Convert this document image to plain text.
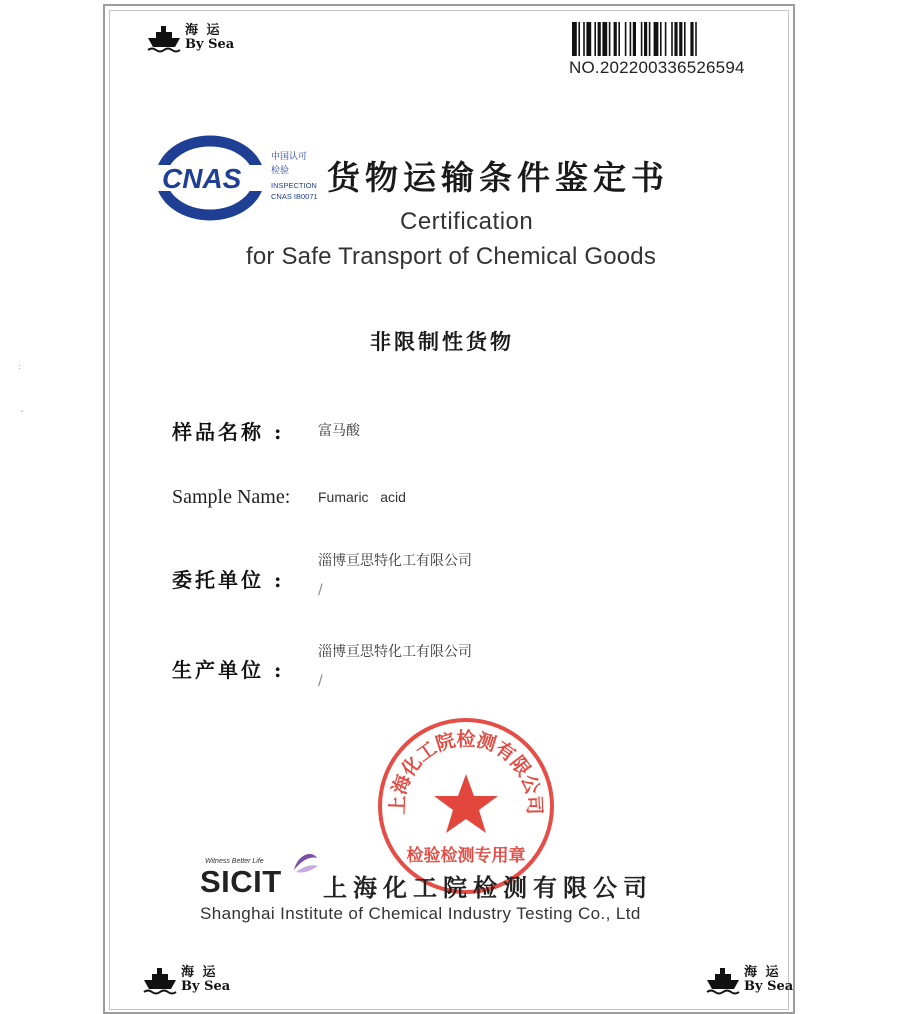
:
ˇ
海 运
By Sea
NO.202200336526594
CNAS
中国认可
检验
INSPECTION
CNAS IB0071 货物运输条件鉴定书
Certification
for Safe Transport of Chemical Goods
非限制性货物
样品名称 : 富马酸
Sample Name: Fumaric   acid
委托单位 :
淄博亘思特化工有限公司
/
生产单位 :
淄博亘思特化工有限公司
/
上海化工院检测有限公司
检验检测专用章
Witness Better Life
SICIT 上海化工院检测有限公司
Shanghai Institute of Chemical Industry Testing Co., Ltd
海 运
By Sea
海 运
By Sea
